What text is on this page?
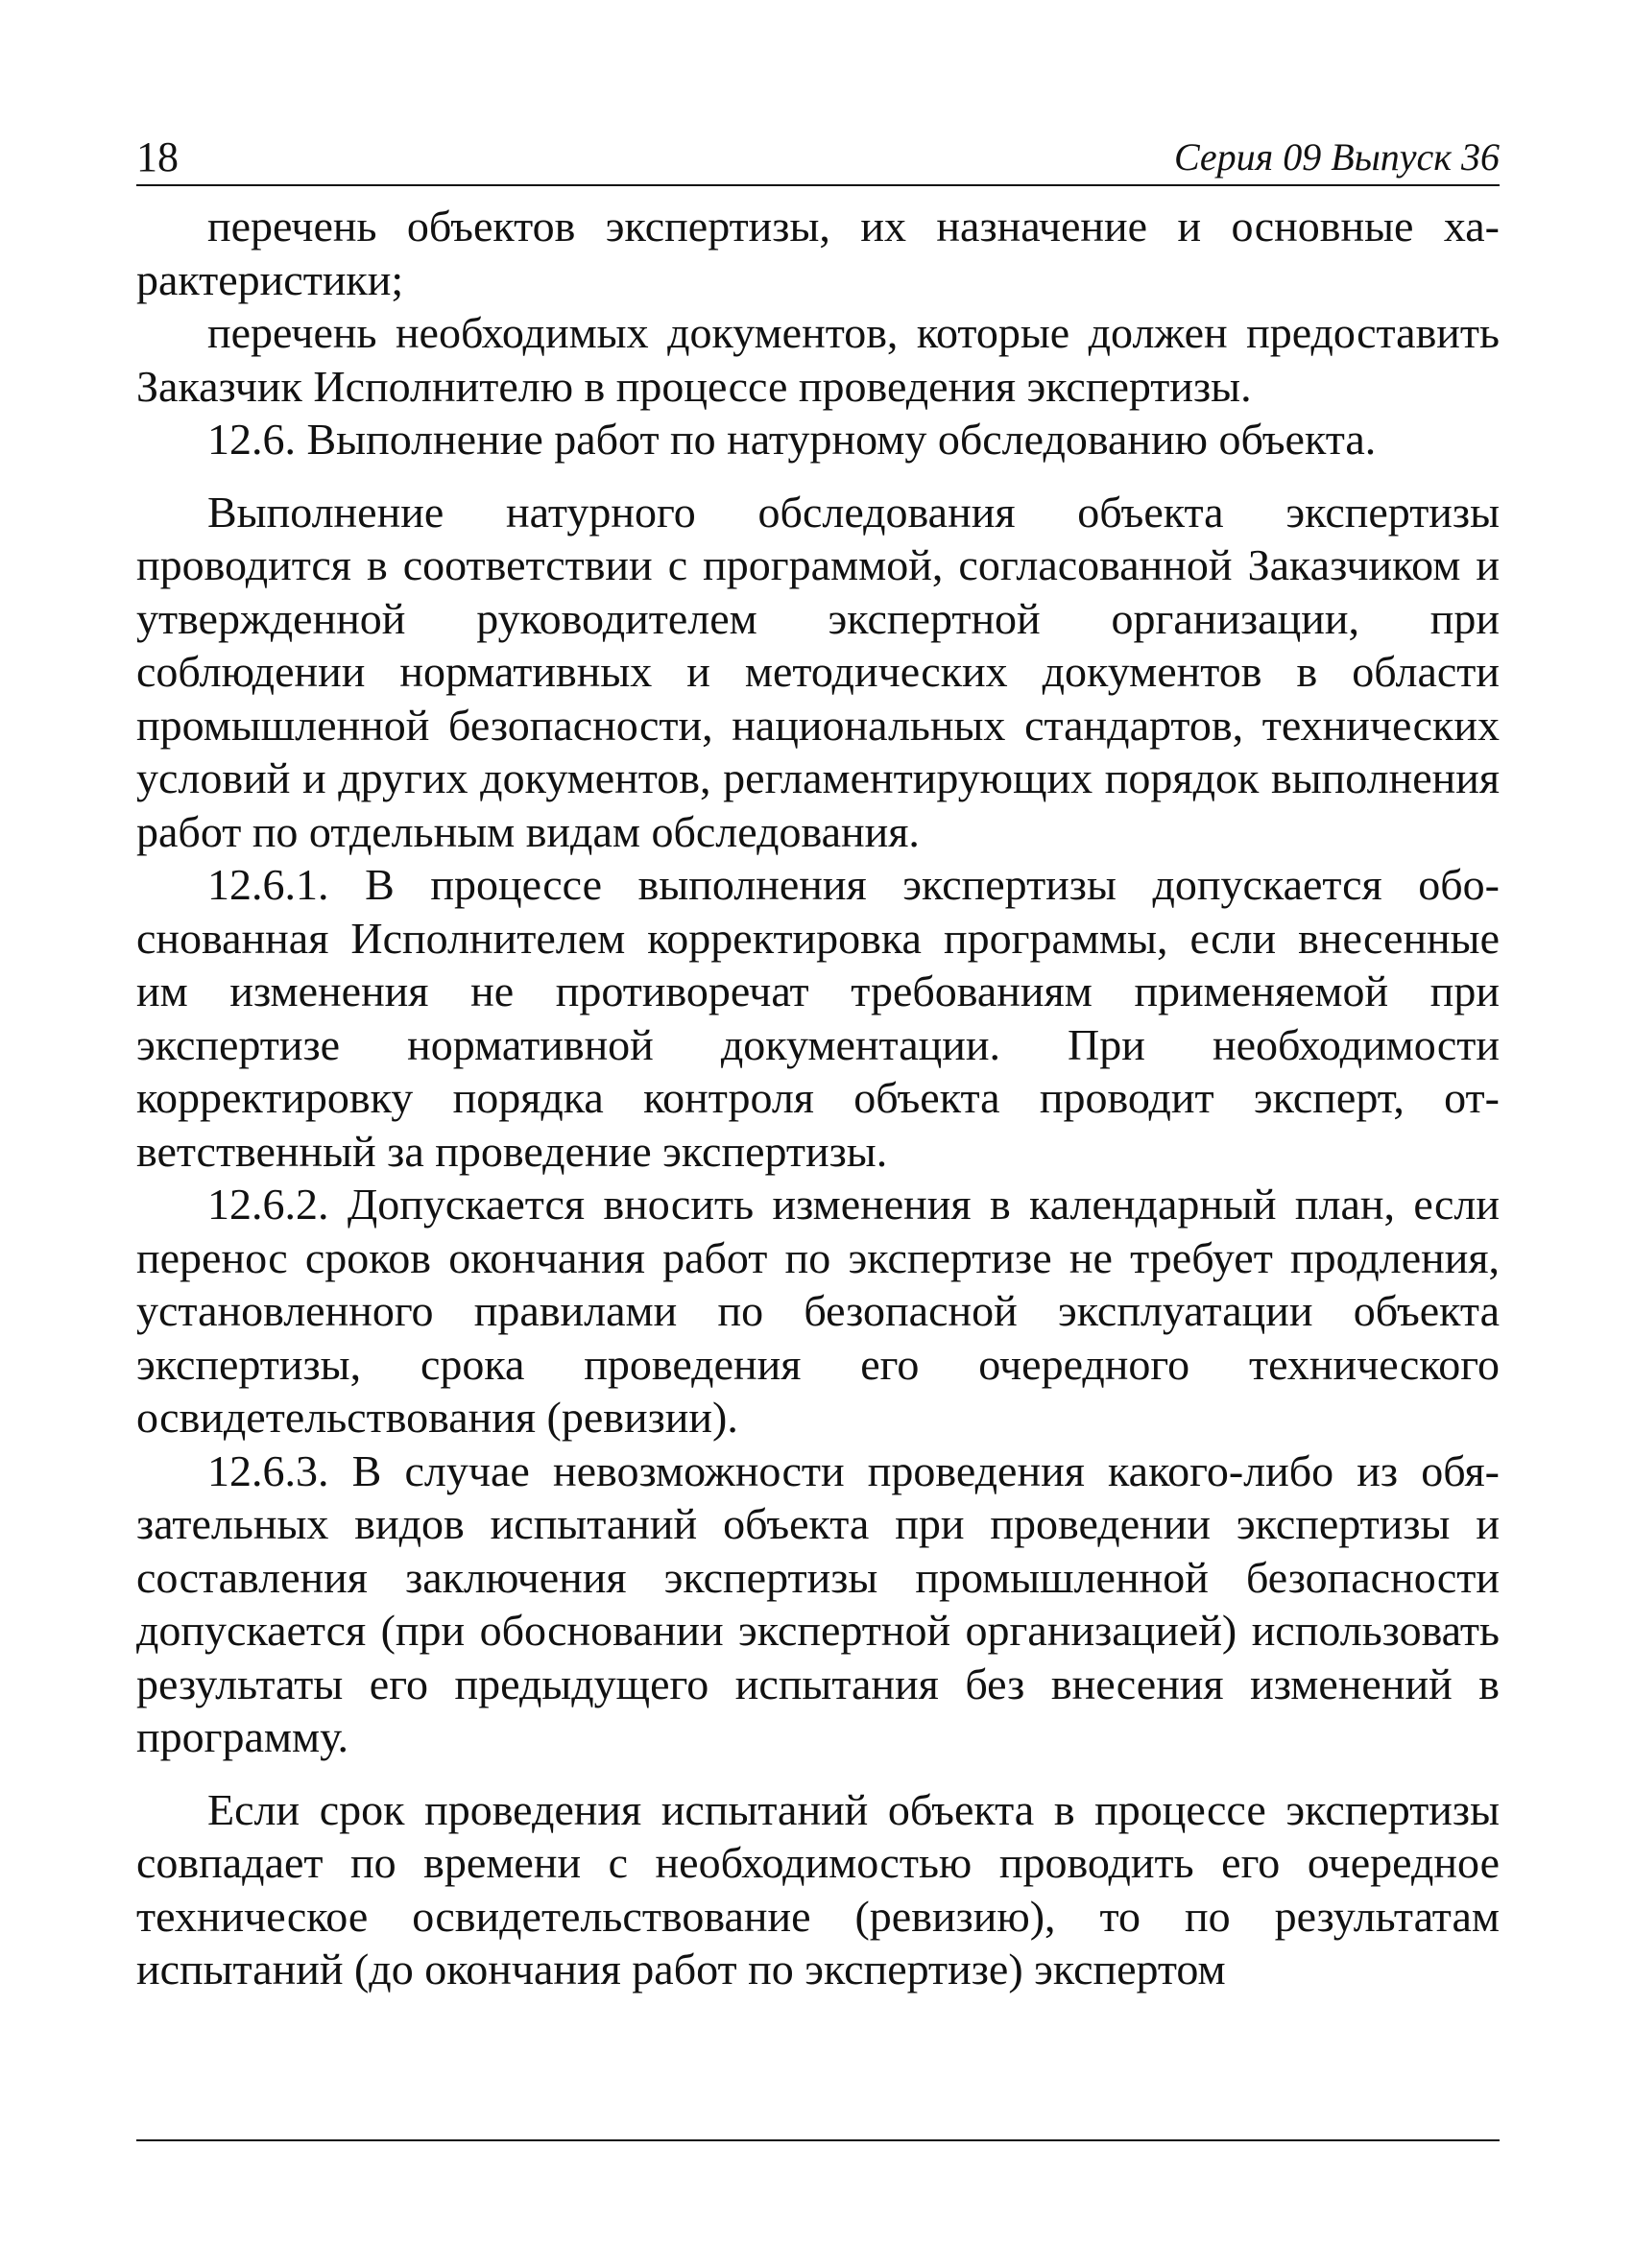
18	Серия 09 Выпуск 36

перечень объектов экспертизы, их назначение и основные характеристики;

перечень необходимых документов, которые должен предоставить Заказчик Исполнителю в процессе проведения экспертизы.

12.6. Выполнение работ по натурному обследованию объекта.

Выполнение натурного обследования объекта экспертизы проводится в соответствии с программой, согласованной Заказчиком и утвержденной руководителем экспертной организации, при соблюдении нормативных и методических документов в области промышленной безопасности, национальных стандартов, технических условий и других документов, регламентирующих порядок выполнения работ по отдельным видам обследования.

12.6.1. В процессе выполнения экспертизы допускается обоснованная Исполнителем корректировка программы, если внесенные им изменения не противоречат требованиям применяемой при экспертизе нормативной документации. При необходимости корректировку порядка контроля объекта проводит эксперт, ответственный за проведение экспертизы.

12.6.2. Допускается вносить изменения в календарный план, если перенос сроков окончания работ по экспертизе не требует продления, установленного правилами по безопасной эксплуатации объекта экспертизы, срока проведения его очередного технического освидетельствования (ревизии).

12.6.3. В случае невозможности проведения какого-либо из обязательных видов испытаний объекта при проведении экспертизы и составления заключения экспертизы промышленной безопасности допускается (при обосновании экспертной организацией) использовать результаты его предыдущего испытания без внесения изменений в программу.

Если срок проведения испытаний объекта в процессе экспертизы совпадает по времени с необходимостью проводить его очередное техническое освидетельствование (ревизию), то по результатам испытаний (до окончания работ по экспертизе) экспертом
